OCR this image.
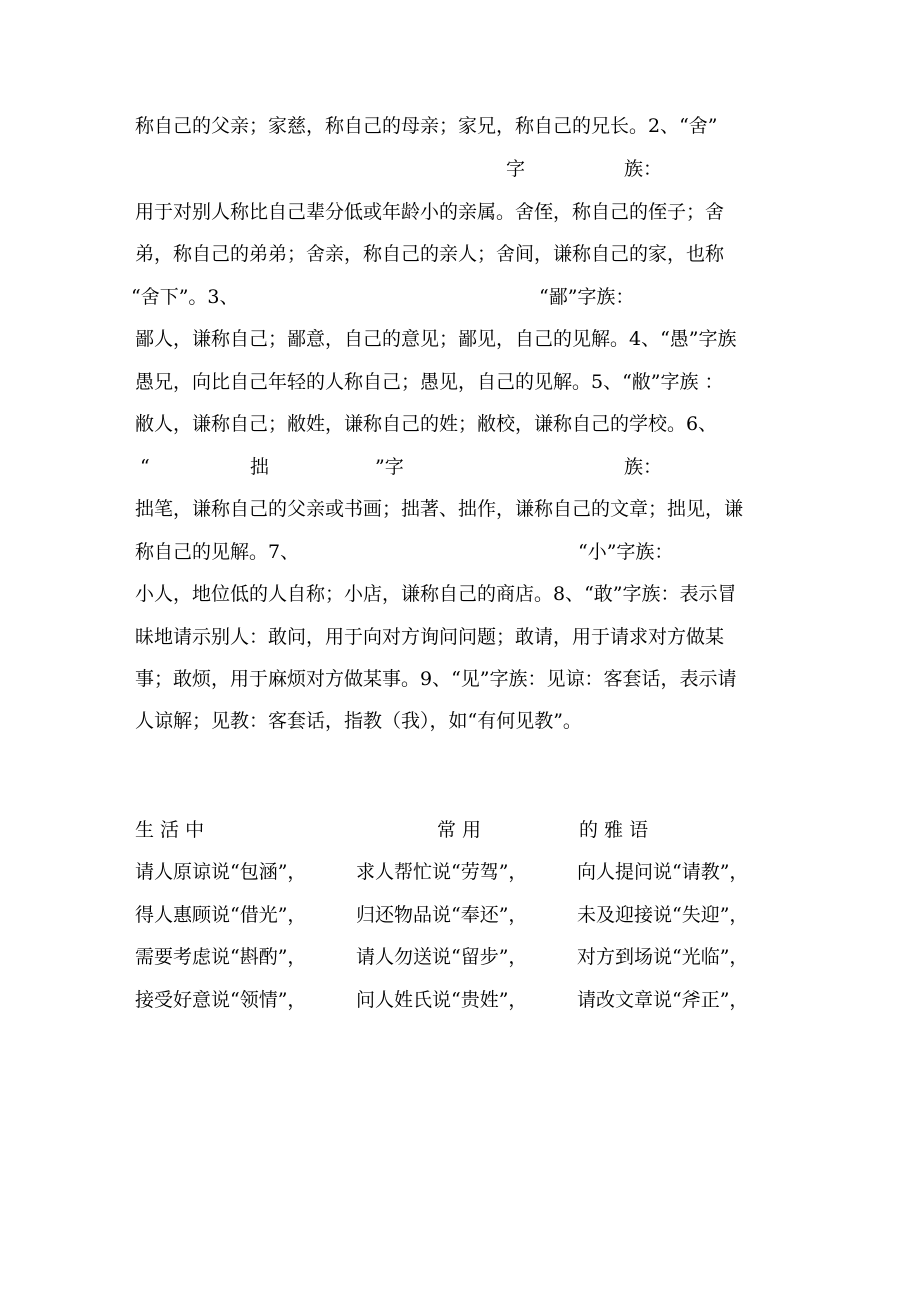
称自己的父亲；家慈，称自己的母亲；家兄，称自己的兄长。2、“舍”
字	族：
用于对别人称比自己辈分低或年龄小的亲属。舍侄，称自己的侄子；舍
弟，称自己的弟弟；舍亲，称自己的亲人；舍间，谦称自己的家，也称
“舍下”。3、	“鄙”字族：
鄙人，谦称自己；鄙意，自己的意见；鄙见，自己的见解。4、“愚”字族
愚兄，向比自己年轻的人称自己；愚见，自己的见解。5、“敝”字族 ：
敝人，谦称自己；敝姓，谦称自己的姓；敝校，谦称自己的学校。6、
“	拙	”字	族：
拙笔，谦称自己的父亲或书画；拙著、拙作，谦称自己的文章；拙见，谦
称自己的见解。7、	“小”字族：
小人，地位低的人自称；小店，谦称自己的商店。8、“敢”字族：表示冒
昧地请示别人：敢问，用于向对方询问问题；敢请，用于请求对方做某
事；敢烦，用于麻烦对方做某事。9、“见”字族：见谅：客套话，表示请
人谅解；见教：客套话，指教（我），如“有何见教”。
生 活 中	常 用	的 雅 语
请人原谅说“包涵”，	求人帮忙说“劳驾”，	向人提问说“请教”，
得人惠顾说“借光”，	归还物品说“奉还”，	未及迎接说“失迎”，
需要考虑说“斟酌”，	请人勿送说“留步”，	对方到场说“光临”，
接受好意说“领情”，	问人姓氏说“贵姓”，	请改文章说“斧正”，
